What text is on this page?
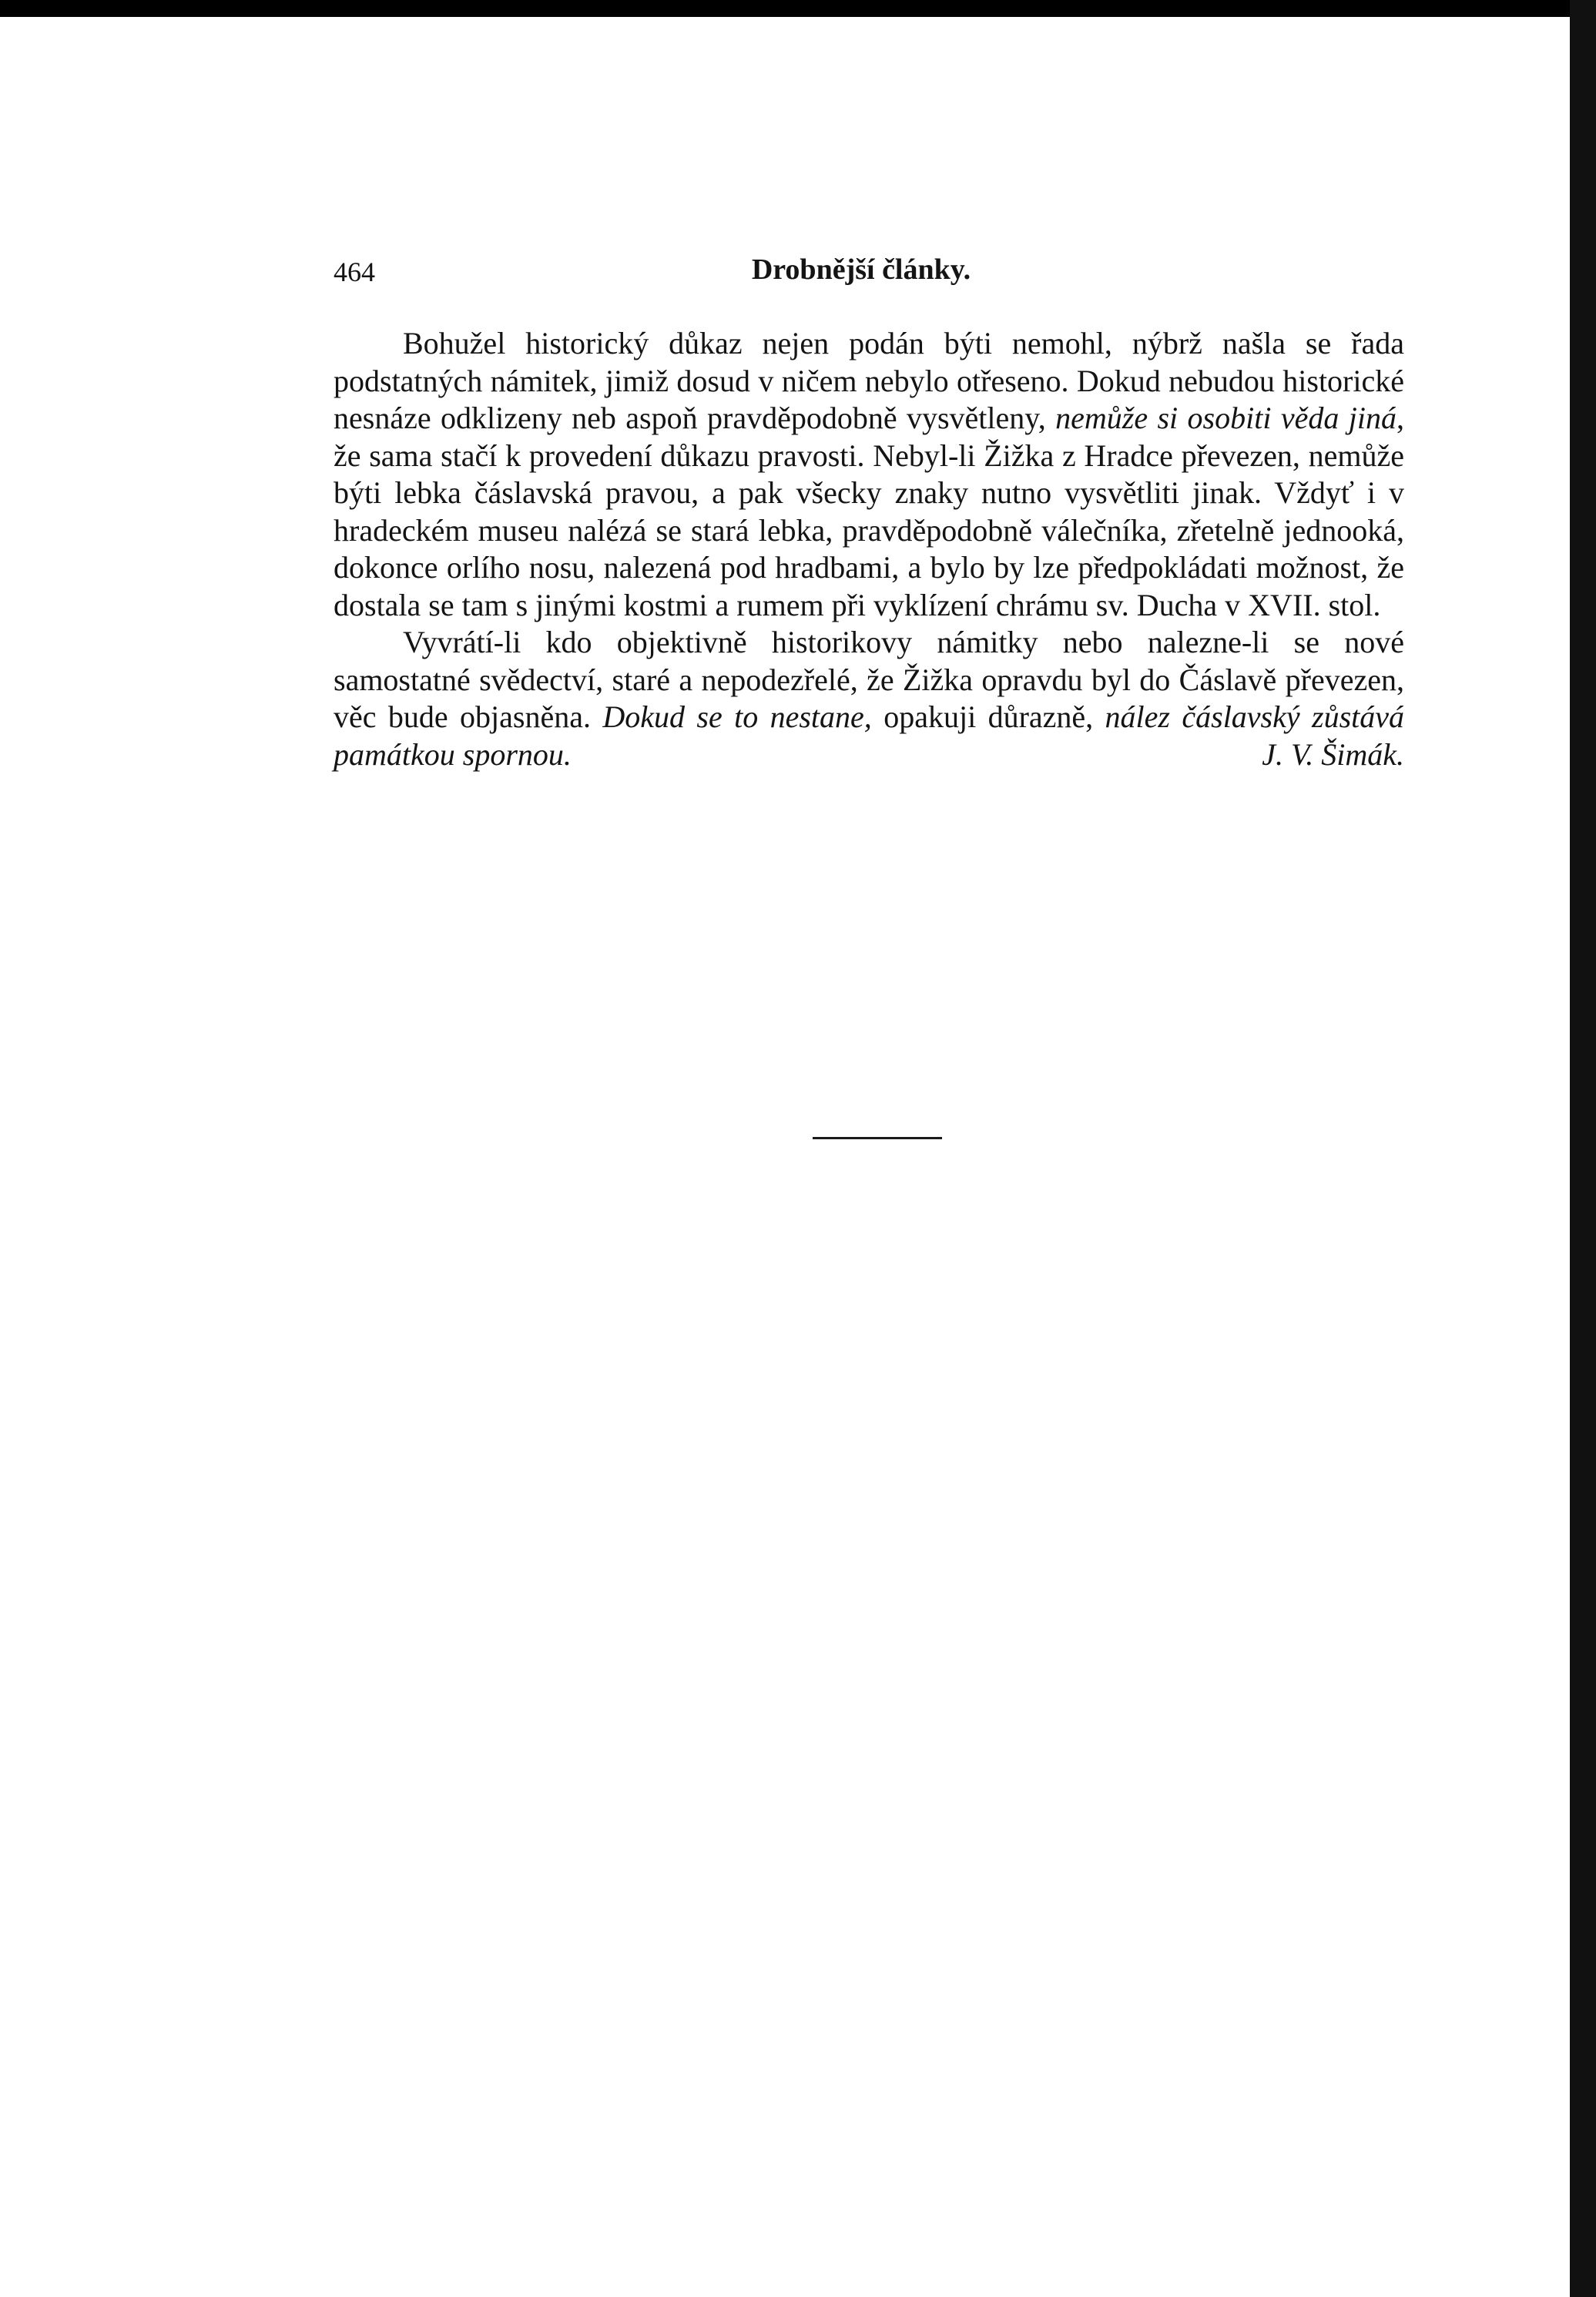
464	Drobnější články.

Bohužel historický důkaz nejen podán býti nemohl, nýbrž našla se řada podstatných námitek, jimiž dosud v ničem nebylo otřeseno. Dokud nebudou historické nesnáze odklizeny neb aspoň pravděpodobně vysvětleny, nemůže si osobiti věda jiná, že sama stačí k provedení důkazu pravosti. Nebyl-li Žižka z Hradce převezen, nemůže býti lebka čáslavská pravou, a pak všecky znaky nutno vysvětliti jinak. Vždyť i v hradeckém museu nalézá se stará lebka, pravděpodobně válečníka, zřetelně jednooká, dokonce orlího nosu, nalezená pod hradbami, a bylo by lze předpokládati možnost, že dostala se tam s jinými kostmi a rumem při vyklízení chrámu sv. Ducha v XVII. stol.

Vyvrátí-li kdo objektivně historikovy námitky nebo nalezne-li se nové samostatné svědectví, staré a nepodezřelé, že Žižka opravdu byl do Čáslavě převezen, věc bude objasněna. Dokud se to nestane, opakuji důrazně, nález čáslavský zůstává památkou spornou.	J. V. Šimák.
